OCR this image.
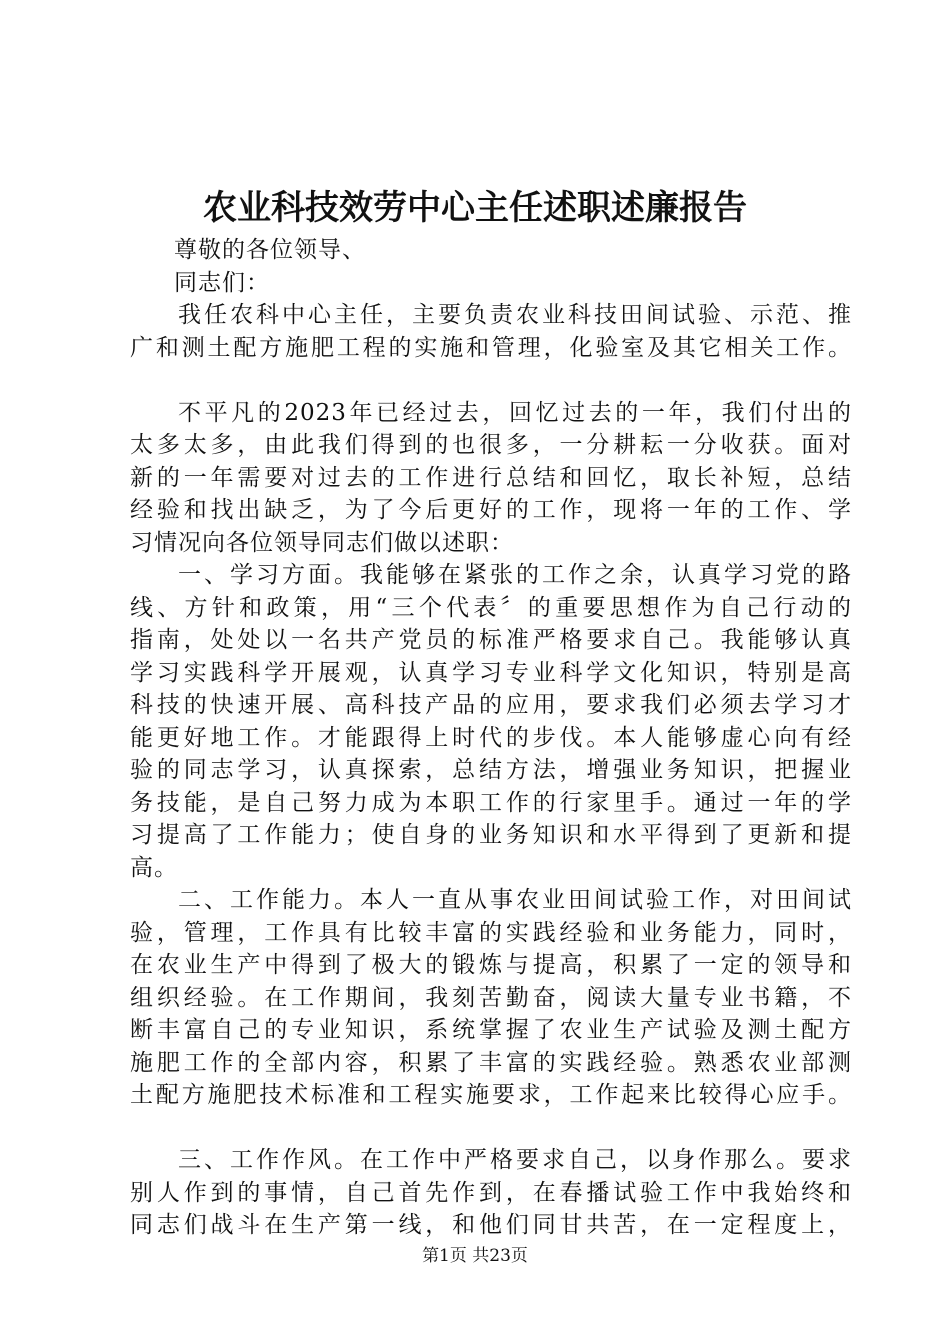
农业科技效劳中心主任述职述廉报告
尊敬的各位领导、
同志们：
我任农科中心主任，主要负责农业科技田间试验、示范、推
广和测土配方施肥工程的实施和管理，化验室及其它相关工作。
不平凡的2023年已经过去，回忆过去的一年，我们付出的
太多太多，由此我们得到的也很多，一分耕耘一分收获。面对
新的一年需要对过去的工作进行总结和回忆，取长补短，总结
经验和找出缺乏，为了今后更好的工作，现将一年的工作、学
习情况向各位领导同志们做以述职：
一、学习方面。我能够在紧张的工作之余，认真学习党的路
线、方针和政策，用“三个代表〞的重要思想作为自己行动的
指南，处处以一名共产党员的标准严格要求自己。我能够认真
学习实践科学开展观，认真学习专业科学文化知识，特别是高
科技的快速开展、高科技产品的应用，要求我们必须去学习才
能更好地工作。才能跟得上时代的步伐。本人能够虚心向有经
验的同志学习，认真探索，总结方法，增强业务知识，把握业
务技能，是自己努力成为本职工作的行家里手。通过一年的学
习提高了工作能力；使自身的业务知识和水平得到了更新和提
高。
二、工作能力。本人一直从事农业田间试验工作，对田间试
验，管理，工作具有比较丰富的实践经验和业务能力，同时，
在农业生产中得到了极大的锻炼与提高，积累了一定的领导和
组织经验。在工作期间，我刻苦勤奋，阅读大量专业书籍，不
断丰富自己的专业知识，系统掌握了农业生产试验及测土配方
施肥工作的全部内容，积累了丰富的实践经验。熟悉农业部测
土配方施肥技术标准和工程实施要求，工作起来比较得心应手。
三、工作作风。在工作中严格要求自己，以身作那么。要求
别人作到的事情，自己首先作到，在春播试验工作中我始终和
同志们战斗在生产第一线，和他们同甘共苦，在一定程度上，
第1页 共23页
